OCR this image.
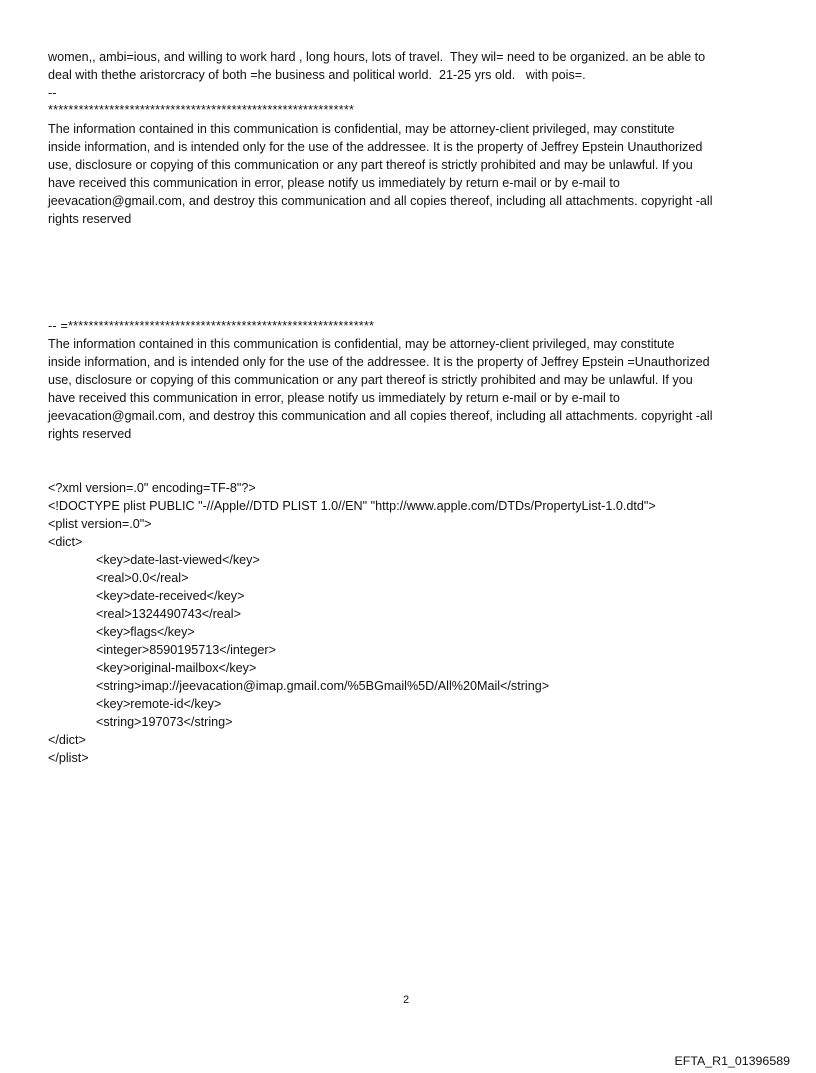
women,, ambi=ious, and willing to work hard , long hours, lots of travel.  They wil= need to be organized. an be able to
deal with thethe aristorcracy of both =he business and political world.  21-25 yrs old.   with pois=.
--
************************************************************
The information contained in this communication is confidential, may be attorney-client privileged, may constitute
inside information, and is intended only for the use of the addressee. It is the property of Jeffrey Epstein Unauthorized
use, disclosure or copying of this communication or any part thereof is strictly prohibited and may be unlawful. If you
have received this communication in error, please notify us immediately by return e-mail or by e-mail to
jeevacation@gmail.com, and destroy this communication and all copies thereof, including all attachments. copyright -all
rights reserved
-- =************************************************************
The information contained in this communication is confidential, may be attorney-client privileged, may constitute
inside information, and is intended only for the use of the addressee. It is the property of Jeffrey Epstein =Unauthorized
use, disclosure or copying of this communication or any part thereof is strictly prohibited and may be unlawful. If you
have received this communication in error, please notify us immediately by return e-mail or by e-mail to
jeevacation@gmail.com, and destroy this communication and all copies thereof, including all attachments. copyright -all
rights reserved
<?xml version=.0" encoding=TF-8"?>
<!DOCTYPE plist PUBLIC "-//Apple//DTD PLIST 1.0//EN" "http://www.apple.com/DTDs/PropertyList-1.0.dtd">
<plist version=.0">
<dict>
<key>date-last-viewed</key>
<real>0.0</real>
<key>date-received</key>
<real>1324490743</real>
<key>flags</key>
<integer>8590195713</integer>
<key>original-mailbox</key>
<string>imap://jeevacation@imap.gmail.com/%5BGmail%5D/All%20Mail</string>
<key>remote-id</key>
<string>197073</string>
</dict>
</plist>
2
EFTA_R1_01396589
